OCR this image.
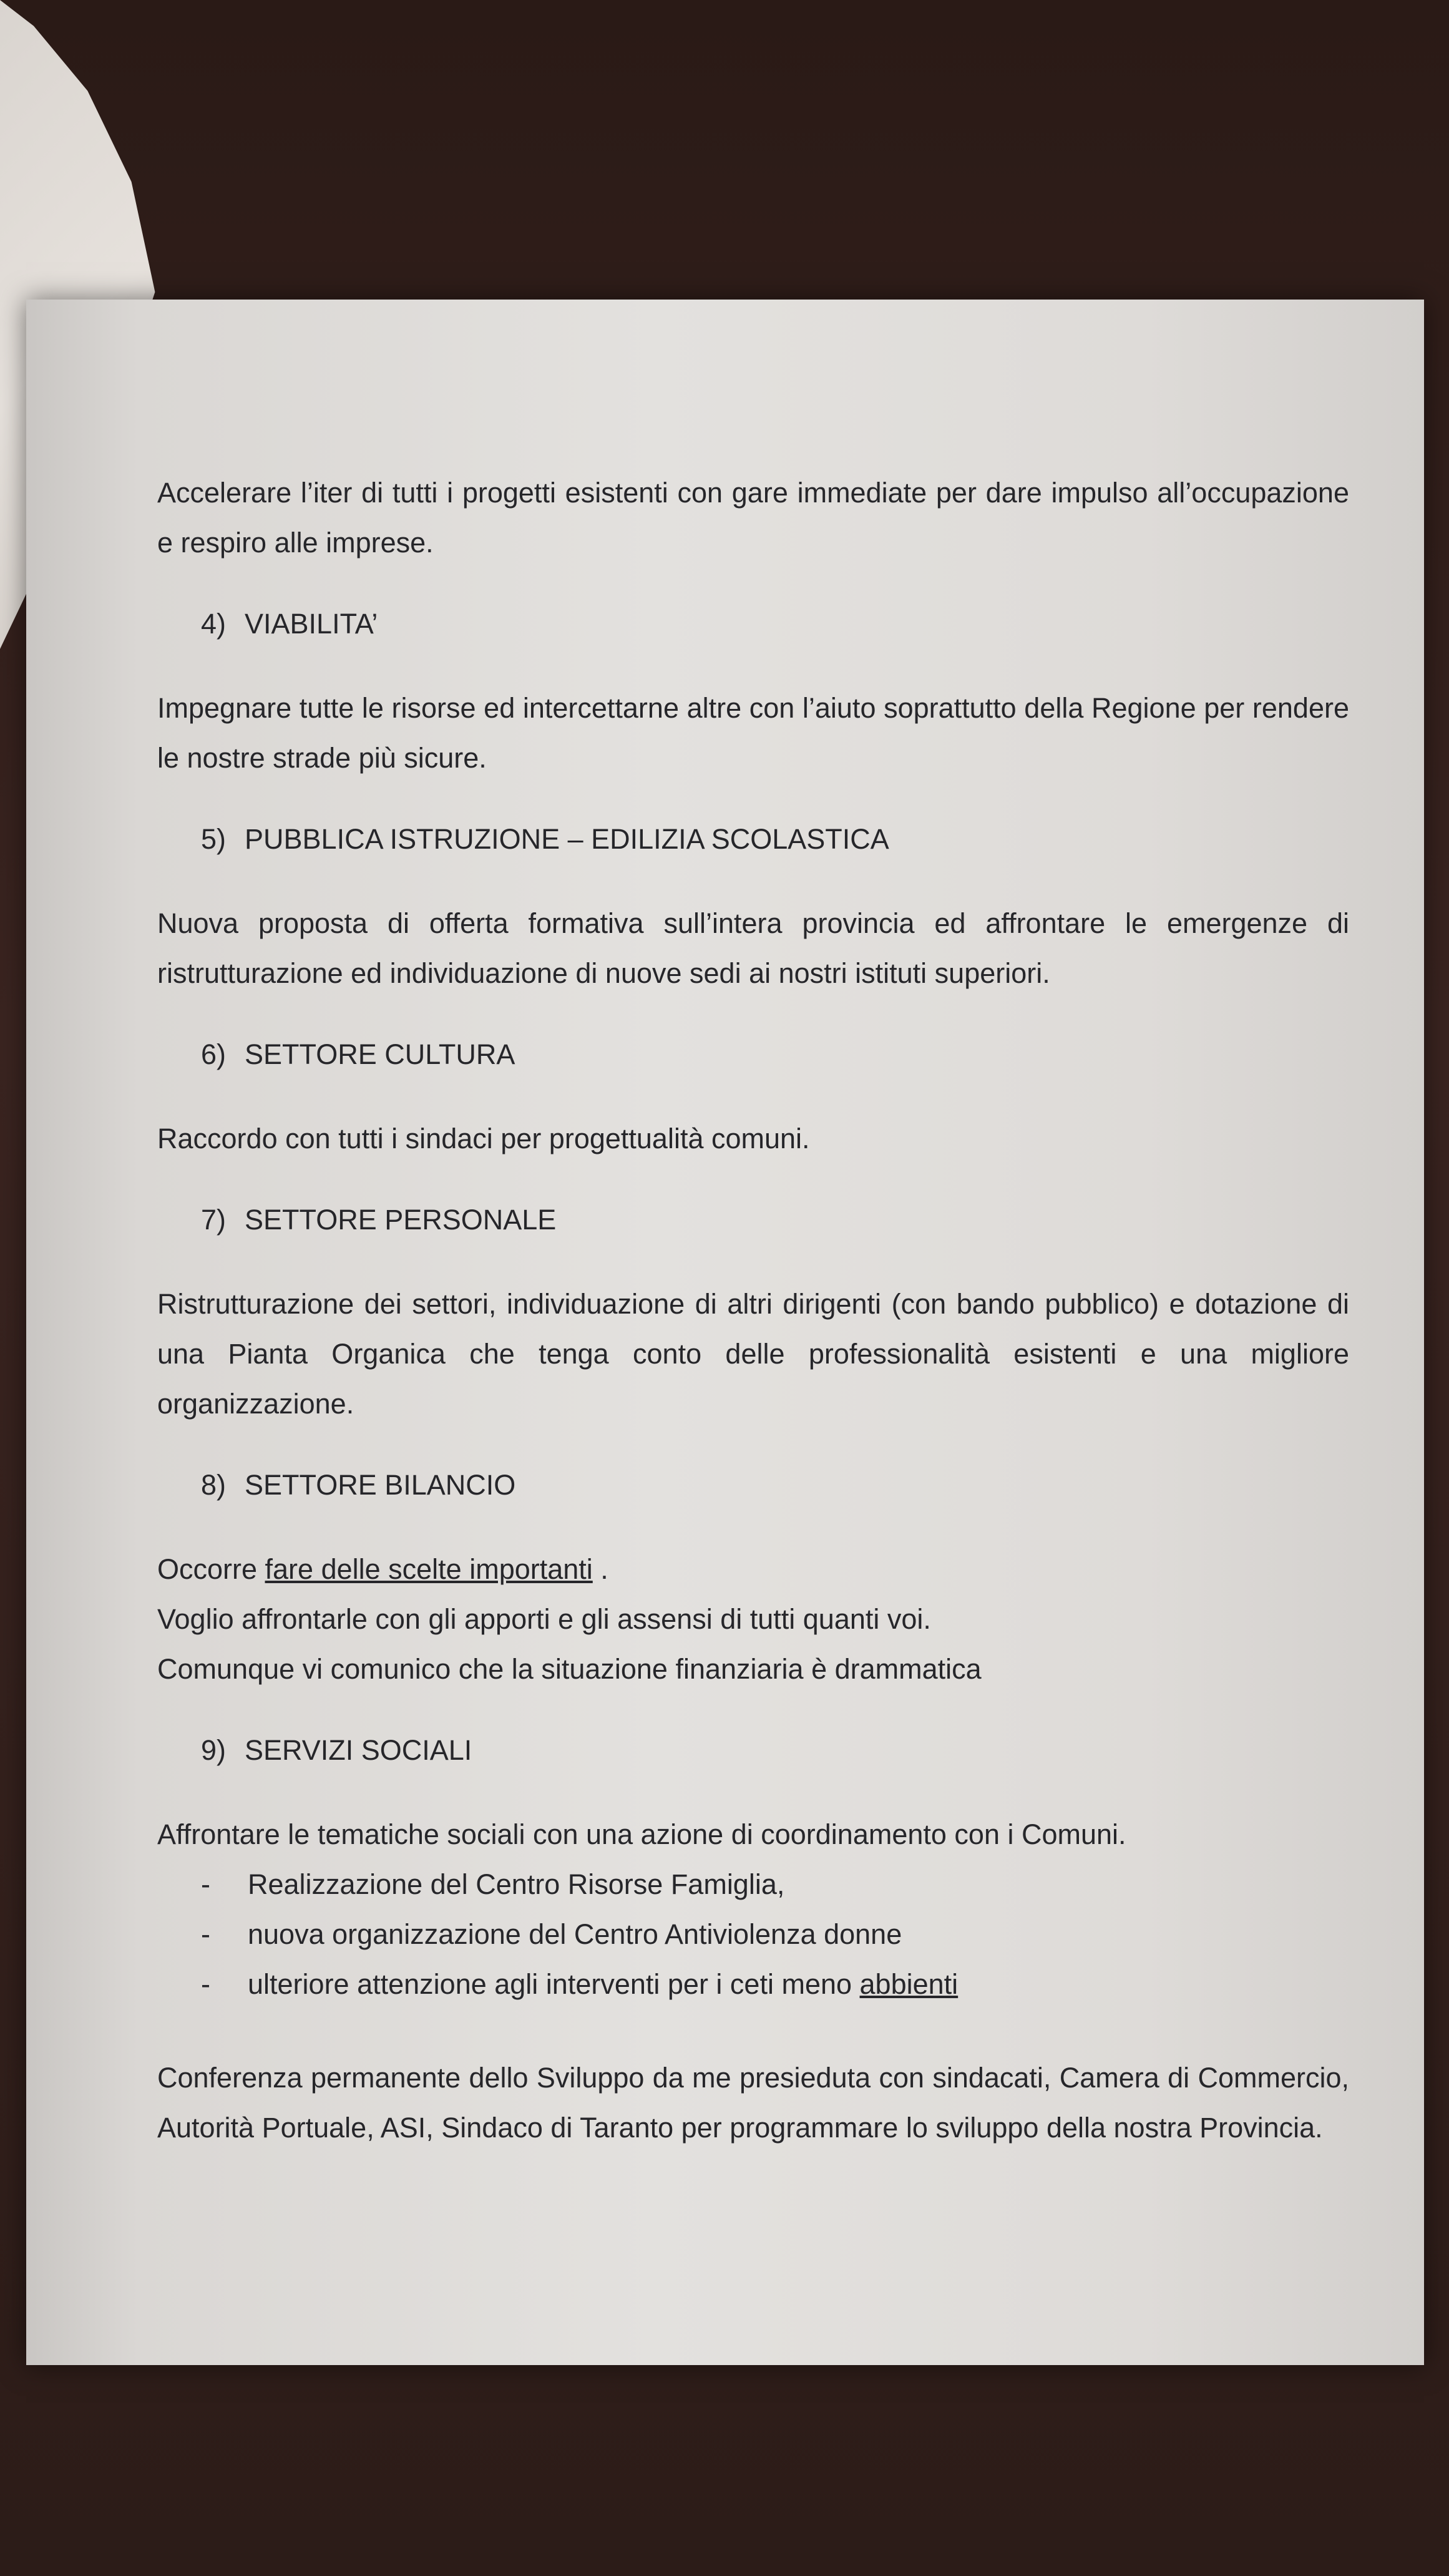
Accelerare l’iter di tutti i progetti esistenti con gare immediate per dare impulso all’occupazione e respiro alle imprese.

4) VIABILITA’

Impegnare tutte le risorse ed intercettarne altre con l’aiuto soprattutto della Regione per rendere le nostre strade più sicure.

5) PUBBLICA ISTRUZIONE – EDILIZIA SCOLASTICA

Nuova proposta di offerta formativa sull’intera provincia ed affrontare le emergenze di ristrutturazione ed individuazione di nuove sedi ai nostri istituti superiori.

6) SETTORE CULTURA

Raccordo con tutti i sindaci per progettualità comuni.

7) SETTORE PERSONALE

Ristrutturazione dei settori, individuazione di altri dirigenti (con bando pubblico) e dotazione di una Pianta Organica che tenga conto delle professionalità esistenti e una migliore organizzazione.

8) SETTORE BILANCIO

Occorre fare delle scelte importanti .

Voglio affrontarle con gli apporti e gli assensi di tutti quanti voi.

Comunque vi comunico che la situazione finanziaria è drammatica

9) SERVIZI SOCIALI

Affrontare le tematiche sociali con una azione di coordinamento con i Comuni.

- Realizzazione del Centro Risorse Famiglia,
- nuova organizzazione del Centro Antiviolenza donne
- ulteriore attenzione agli interventi per i ceti meno abbienti

Conferenza permanente dello Sviluppo da me presieduta con sindacati, Camera di Commercio, Autorità Portuale, ASI, Sindaco di Taranto per programmare lo sviluppo della nostra Provincia.
